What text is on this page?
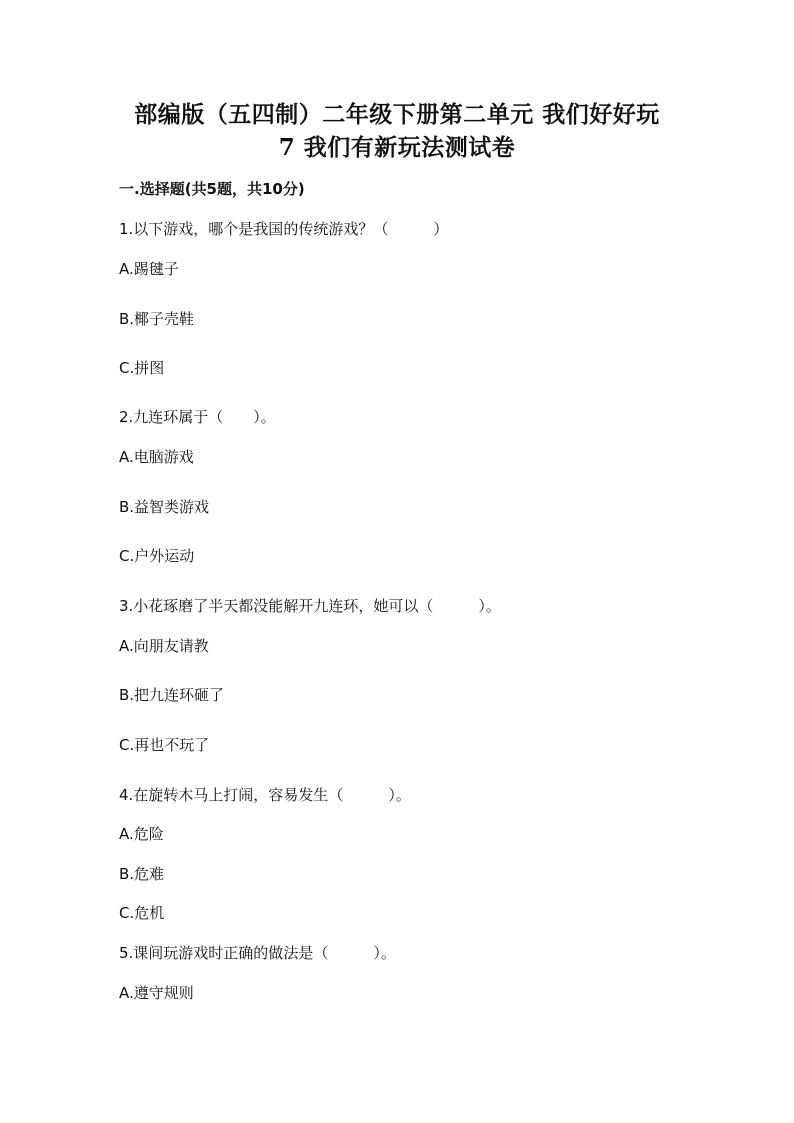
部编版（五四制）二年级下册第二单元 我们好好玩
7 我们有新玩法测试卷
一.选择题(共5题，共10分)
1.以下游戏，哪个是我国的传统游戏？（　　　）
A.踢毽子
B.椰子壳鞋
C.拼图
2.九连环属于（　　）。
A.电脑游戏
B.益智类游戏
C.户外运动
3.小花琢磨了半天都没能解开九连环，她可以（　　　）。
A.向朋友请教
B.把九连环砸了
C.再也不玩了
4.在旋转木马上打闹，容易发生（　　　）。
A.危险
B.危难
C.危机
5.课间玩游戏时正确的做法是（　　　）。
A.遵守规则
